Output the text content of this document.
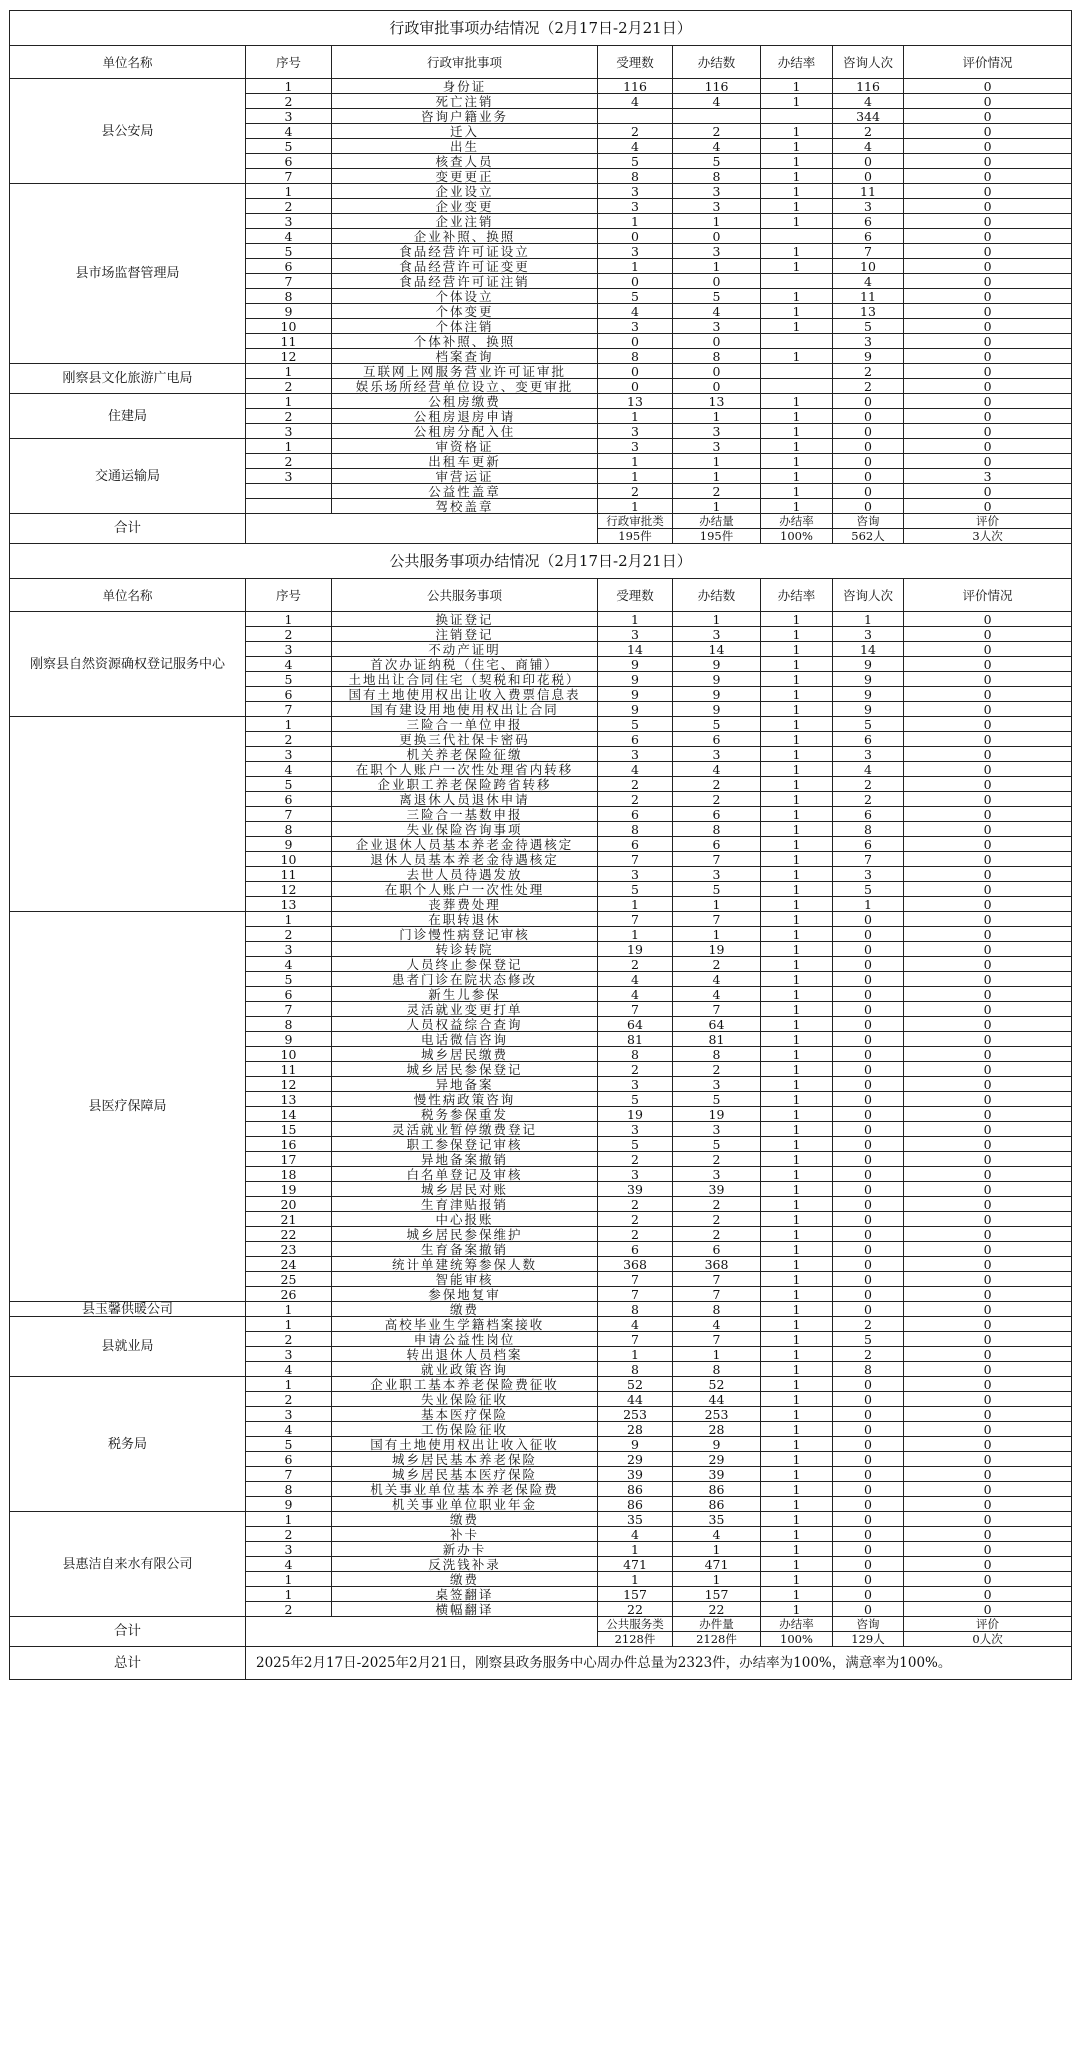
行政审批事项办结情况（2月17日-2月21日）							
单位名称	序号	行政审批事项	受理数	办结数	办结率	咨询人次	评价情况
县公安局	1	身份证	116	116	1	116	0
	2	死亡注销	4	4	1	4	0
	3	咨询户籍业务				344	0
	4	迁入	2	2	1	2	0
	5	出生	4	4	1	4	0
	6	核查人员	5	5	1	0	0
	7	变更更正	8	8	1	0	0
县市场监督管理局	1	企业设立	3	3	1	11	0
	2	企业变更	3	3	1	3	0
	3	企业注销	1	1	1	6	0
	4	企业补照、换照	0	0		6	0
	5	食品经营许可证设立	3	3	1	7	0
	6	食品经营许可证变更	1	1	1	10	0
	7	食品经营许可证注销	0	0		4	0
	8	个体设立	5	5	1	11	0
	9	个体变更	4	4	1	13	0
	10	个体注销	3	3	1	5	0
	11	个体补照、换照	0	0		3	0
	12	档案查询	8	8	1	9	0
刚察县文化旅游广电局	1	互联网上网服务营业许可证审批	0	0		2	0
	2	娱乐场所经营单位设立、变更审批	0	0		2	0
住建局	1	公租房缴费	13	13	1	0	0
	2	公租房退房申请	1	1	1	0	0
	3	公租房分配入住	3	3	1	0	0
交通运输局	1	审资格证	3	3	1	0	0
	2	出租车更新	1	1	1	0	0
	3	审营运证	1	1	1	0	3
		公益性盖章	2	2	1	0	0
		驾校盖章	1	1	1	0	0
合计			行政审批类	办结量	办结率	咨询	评价
			195件	195件	100%	562人	3人次
公共服务事项办结情况（2月17日-2月21日）							
单位名称	序号	公共服务事项	受理数	办结数	办结率	咨询人次	评价情况
刚察县自然资源确权登记服务中心	1	换证登记	1	1	1	1	0
	2	注销登记	3	3	1	3	0
	3	不动产证明	14	14	1	14	0
	4	首次办证纳税（住宅、商铺）	9	9	1	9	0
	5	土地出让合同住宅（契税和印花税）	9	9	1	9	0
	6	国有土地使用权出让收入费票信息表	9	9	1	9	0
	7	国有建设用地使用权出让合同	9	9	1	9	0
	1	三险合一单位申报	5	5	1	5	0
	2	更换三代社保卡密码	6	6	1	6	0
	3	机关养老保险征缴	3	3	1	3	0
	4	在职个人账户一次性处理省内转移	4	4	1	4	0
	5	企业职工养老保险跨省转移	2	2	1	2	0
	6	离退休人员退休申请	2	2	1	2	0
	7	三险合一基数申报	6	6	1	6	0
	8	失业保险咨询事项	8	8	1	8	0
	9	企业退休人员基本养老金待遇核定	6	6	1	6	0
	10	退休人员基本养老金待遇核定	7	7	1	7	0
	11	去世人员待遇发放	3	3	1	3	0
	12	在职个人账户一次性处理	5	5	1	5	0
	13	丧葬费处理	1	1	1	1	0
县医疗保障局	1	在职转退休	7	7	1	0	0
	2	门诊慢性病登记审核	1	1	1	0	0
	3	转诊转院	19	19	1	0	0
	4	人员终止参保登记	2	2	1	0	0
	5	患者门诊在院状态修改	4	4	1	0	0
	6	新生儿参保	4	4	1	0	0
	7	灵活就业变更打单	7	7	1	0	0
	8	人员权益综合查询	64	64	1	0	0
	9	电话微信咨询	81	81	1	0	0
	10	城乡居民缴费	8	8	1	0	0
	11	城乡居民参保登记	2	2	1	0	0
	12	异地备案	3	3	1	0	0
	13	慢性病政策咨询	5	5	1	0	0
	14	税务参保重发	19	19	1	0	0
	15	灵活就业暂停缴费登记	3	3	1	0	0
	16	职工参保登记审核	5	5	1	0	0
	17	异地备案撤销	2	2	1	0	0
	18	白名单登记及审核	3	3	1	0	0
	19	城乡居民对账	39	39	1	0	0
	20	生育津贴报销	2	2	1	0	0
	21	中心报账	2	2	1	0	0
	22	城乡居民参保维护	2	2	1	0	0
	23	生育备案撤销	6	6	1	0	0
	24	统计单建统筹参保人数	368	368	1	0	0
	25	智能审核	7	7	1	0	0
	26	参保地复审	7	7	1	0	0
县玉馨供暖公司	1	缴费	8	8	1	0	0
县就业局	1	高校毕业生学籍档案接收	4	4	1	2	0
	2	申请公益性岗位	7	7	1	5	0
	3	转出退休人员档案	1	1	1	2	0
	4	就业政策咨询	8	8	1	8	0
税务局	1	企业职工基本养老保险费征收	52	52	1	0	0
	2	失业保险征收	44	44	1	0	0
	3	基本医疗保险	253	253	1	0	0
	4	工伤保险征收	28	28	1	0	0
	5	国有土地使用权出让收入征收	9	9	1	0	0
	6	城乡居民基本养老保险	29	29	1	0	0
	7	城乡居民基本医疗保险	39	39	1	0	0
	8	机关事业单位基本养老保险费	86	86	1	0	0
	9	机关事业单位职业年金	86	86	1	0	0
县惠洁自来水有限公司	1	缴费	35	35	1	0	0
	2	补卡	4	4	1	0	0
	3	新办卡	1	1	1	0	0
	4	反洗钱补录	471	471	1	0	0
	1	缴费	1	1	1	0	0
	1	桌签翻译	157	157	1	0	0
	2	横幅翻译	22	22	1	0	0
合计			公共服务类	办件量	办结率	咨询	评价
			2128件	2128件	100%	129人	0人次
总计	2025年2月17日-2025年2月21日，刚察县政务服务中心周办件总量为2323件，办结率为100%，满意率为100%。						
